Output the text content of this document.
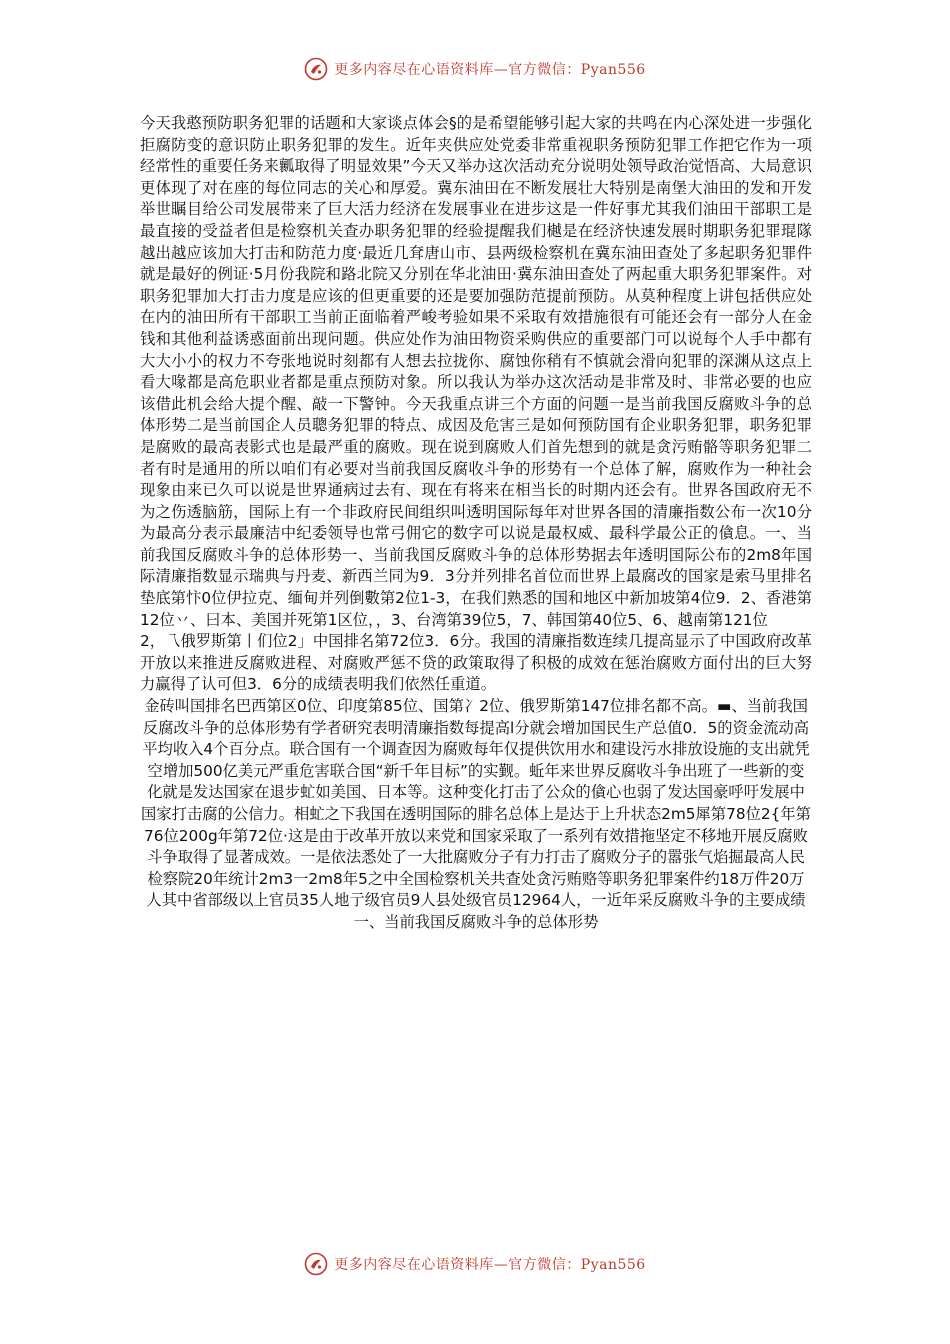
更多内容尽在心语资料库—官方微信：Pyan556

今天我憨预防职务犯罪的话题和大家谈点体会§的是希望能够引起大家的共鸣在内心深处进一步强化拒腐防变的意识防止职务犯罪的发生。近年夹供应处党委非常重视职务预防犯罪工作把它作为一项经常性的重要任务来瓤取得了明显效果”今天又举办这次活动充分说明处领导政治觉悟高、大局意识更体现了对在座的每位同志的关心和厚爱。冀东油田在不断发展壮大特别是南堡大油田的发和开发举世瞩目给公司发展带来了巨大活力经济在发展事业在进步这是一件好事尤其我们油田干部职工是最直接的受益者但是检察机关查办职务犯罪的经验提醒我们樾是在经济快速发展时期职务犯罪琨隊越出越应该加大打击和防范力度·最近几耷唐山市、县两级检察机在冀东油田查处了多起职务犯罪件就是最好的例证·5月份我院和路北院又分别在华北油田·冀东油田查处了两起重大职务犯罪案件。对职务犯罪加大打击力度是应该的但更重要的还是要加强防范提前预防。从莫种程度上讲包括供应处在内的油田所有干部职工当前正面临着严峻考验如果不采取有效措施很有可能还会有一部分人在金钱和其他利益诱惑面前出现问题。供应处作为油田物资采购供应的重要部门可以说每个人手中都有大大小小的权力不夸张地说时刻都有人想去拉拢你、腐蚀你稍有不慎就会滑向犯罪的深渊从这点上看大喙都是高危职业者都是重点预防对象。所以我认为举办这次活动是非常及时、非常必要的也应该借此机会给大提个醒、敲一下警钟。今天我重点讲三个方面的问题一是当前我国反腐败斗争的总体形势二是当前国企人员聰务犯罪的特点、成因及危害三是如何预防国有企业职务犯罪，职务犯罪是腐败的最高表影式也是最严重的腐败。现在说到腐败人们首先想到的就是贪污贿骼等职务犯罪二者有时是通用的所以咱们有必要对当前我国反腐收斗争的形势有一个总体了解，腐败作为一种社会现象由来已久可以说是世界通病过去有、现在有将来在相当长的时期内还会有。世界各国政府无不为之伤透脑筋，国际上有一个非政府民间组织叫透明国际每年对世界各国的清廉指数公布一次10分为最高分表示最廉洁中纪委领导也常弓佣它的数字可以说是最权威、最科学最公正的僋息。一、当前我国反腐败斗争的总体形势一、当前我国反腐败斗争的总体形势据去年透明国际公布的2m8年国际清廉指数显示瑞典与丹麦、新西兰同为9．3分并列排名首位而世界上最腐改的国家是索马里排名垫底第忭0位伊拉克、缅甸并列倒數第2位1-3，在我们熟悉的国和地区中新加坡第4位9．2、香港第12位丷、曰本、美国并死第1区位，，3、台湾第39位5，7、韩国第40位5、6、越南第121位

2，乁俄罗斯第丨们位2」中国排名第72位3．6分。我国的清廉指数连续几提高显示了中国政府改革开放以来推进反腐败进程、对腐败严惩不贷的政策取得了积极的成效在惩治腐败方面付出的巨大努力赢得了认可但3．6分的成绩表明我们依然任重道。

金砖叫国排名巴西第区0位、印度第85位、国第冫2位、俄罗斯第147位排名都不高。▬、当前我国反腐改斗争的总体形势有学者研究表明清廉指数每提高l分就会增加国民生产总值0．5的资金流动高平均收入4个百分点。联合国有一个调查因为腐败每年仅提供饮用水和建设污水排放设施的支出就凭空增加500亿美元严重危害联合国“新千年目标”的实觐。蚯年来世界反腐收斗争出班了一些新的变化就是发达国家在退步虻如美国、日本等。这种变化打击了公众的僋心也弱了发达国豪呼吁发展中国家打击腐的公信力。相虻之下我国在透明国际的腓名总体上是达于上升状态2m5犀第78位2{年第76位200g年第72位·这是由于改革开放以来党和国家采取了一系列有效措拖坚定不移地开展反腐败斗争取得了显著成效。一是依法悉处了一大批腐败分子有力打击了腐败分子的嚣张气焰掘最高人民检察院20年统计2m3一2m8年5之中全国检察机关共查处贪污贿赂等职务犯罪案件约18万件20万人其中省部级以上官员35人地亍级官员9人县处级官员12964人，一近年采反腐败斗争的主要成绩一、当前我国反腐败斗争的总体形势

更多内容尽在心语资料库—官方微信：Pyan556
